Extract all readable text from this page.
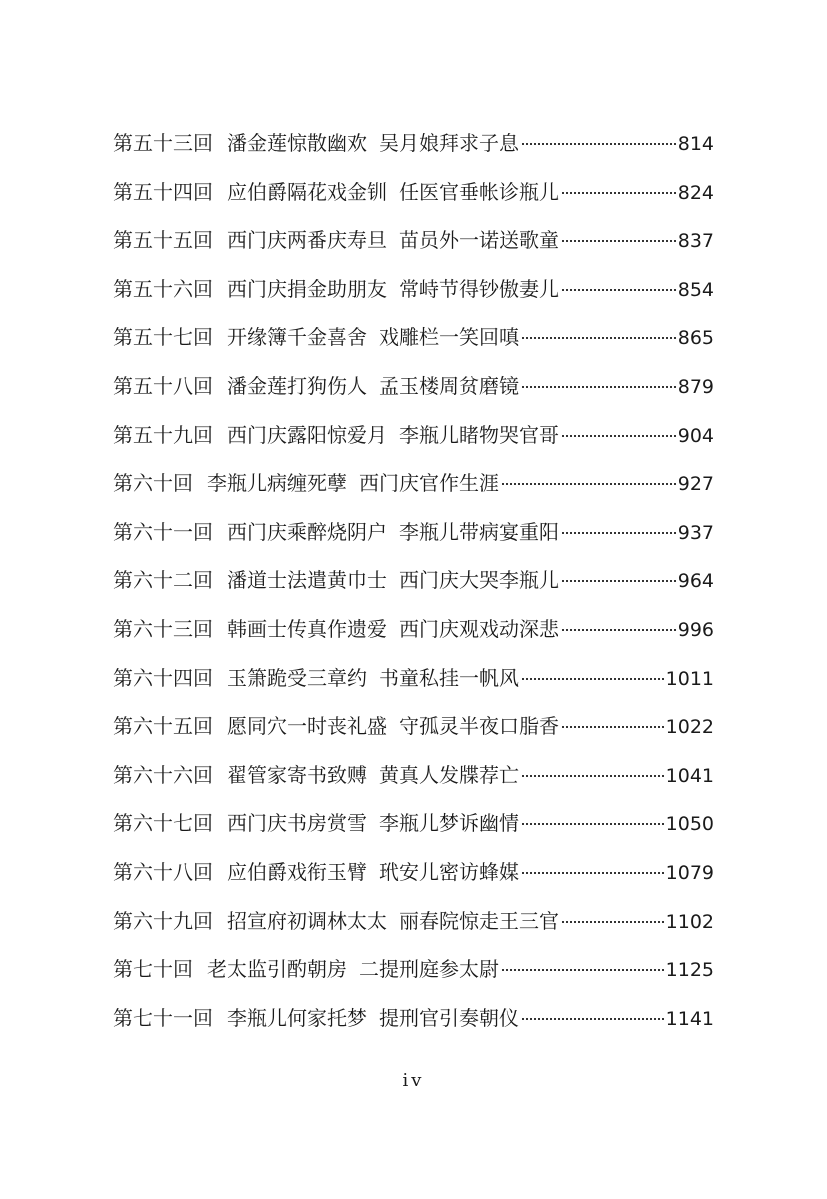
第五十三回 潘金莲惊散幽欢 吴月娘拜求子息	814
第五十四回 应伯爵隔花戏金钏 任医官垂帐诊瓶儿	824
第五十五回 西门庆两番庆寿旦 苗员外一诺送歌童	837
第五十六回 西门庆捐金助朋友 常峙节得钞傲妻儿	854
第五十七回 开缘簿千金喜舍 戏雕栏一笑回嗔	865
第五十八回 潘金莲打狗伤人 孟玉楼周贫磨镜	879
第五十九回 西门庆露阳惊爱月 李瓶儿睹物哭官哥	904
第六十回 李瓶儿病缠死孽 西门庆官作生涯	927
第六十一回 西门庆乘醉烧阴户 李瓶儿带病宴重阳	937
第六十二回 潘道士法遣黄巾士 西门庆大哭李瓶儿	964
第六十三回 韩画士传真作遗爱 西门庆观戏动深悲	996
第六十四回 玉箫跪受三章约 书童私挂一帆风	1011
第六十五回 愿同穴一时丧礼盛 守孤灵半夜口脂香	1022
第六十六回 翟管家寄书致赙 黄真人发牒荐亡	1041
第六十七回 西门庆书房赏雪 李瓶儿梦诉幽情	1050
第六十八回 应伯爵戏衔玉臂 玳安儿密访蜂媒	1079
第六十九回 招宣府初调林太太 丽春院惊走王三官	1102
第七十回 老太监引酌朝房 二提刑庭参太尉	1125
第七十一回 李瓶儿何家托梦 提刑官引奏朝仪	1141
iv
